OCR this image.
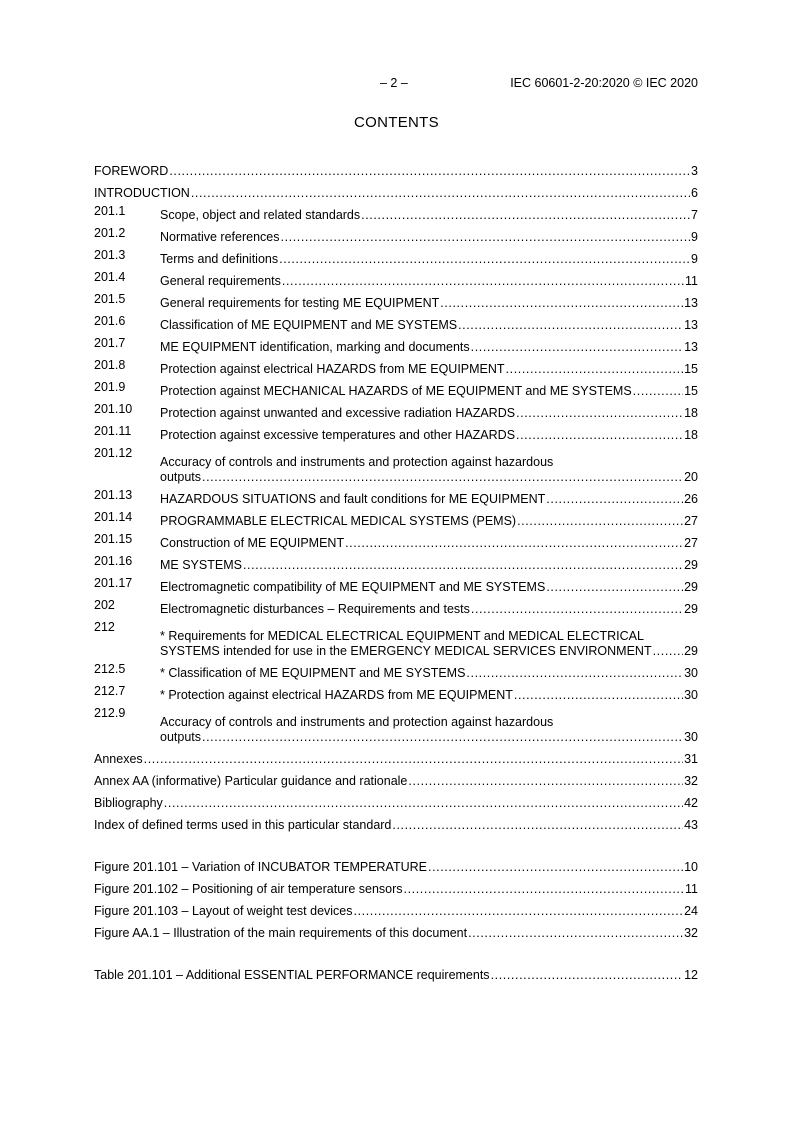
– 2 –	IEC 60601-2-20:2020 © IEC 2020
CONTENTS
FOREWORD .....	3
INTRODUCTION .....	6
201.1	Scope, object and related standards .....	7
201.2	Normative references .....	9
201.3	Terms and definitions .....	9
201.4	General requirements .....	11
201.5	General requirements for testing ME EQUIPMENT .....	13
201.6	Classification of ME EQUIPMENT and ME SYSTEMS .....	13
201.7	ME EQUIPMENT identification, marking and documents .....	13
201.8	Protection against electrical HAZARDS from ME EQUIPMENT .....	15
201.9	Protection against MECHANICAL HAZARDS of ME EQUIPMENT and ME SYSTEMS .....	15
201.10	Protection against unwanted and excessive radiation HAZARDS .....	18
201.11	Protection against excessive temperatures and other HAZARDS .....	18
201.12
Accuracy of controls and instruments and protection against hazardous
outputs .....	20
201.13	HAZARDOUS SITUATIONS and fault conditions for ME EQUIPMENT .....	26
201.14	PROGRAMMABLE ELECTRICAL MEDICAL SYSTEMS (PEMS) .....	27
201.15	Construction of ME EQUIPMENT .....	27
201.16	ME SYSTEMS .....	29
201.17	Electromagnetic compatibility of ME EQUIPMENT and ME SYSTEMS .....	29
202	Electromagnetic disturbances – Requirements and tests .....	29
212
* Requirements for MEDICAL ELECTRICAL EQUIPMENT and MEDICAL ELECTRICAL
SYSTEMS intended for use in the EMERGENCY MEDICAL SERVICES ENVIRONMENT .....	29
212.5	* Classification of ME EQUIPMENT and ME SYSTEMS .....	30
212.7	* Protection against electrical HAZARDS from ME EQUIPMENT .....	30
212.9
Accuracy of controls and instruments and protection against hazardous
outputs .....	30
Annexes .....	31
Annex AA (informative) Particular guidance and rationale .....	32
Bibliography .....	42
Index of defined terms used in this particular standard .....	43
Figure 201.101 – Variation of INCUBATOR TEMPERATURE .....	10
Figure 201.102 – Positioning of air temperature sensors .....	11
Figure 201.103 – Layout of weight test devices .....	24
Figure AA.1 – Illustration of the main requirements of this document .....	32
Table 201.101 – Additional ESSENTIAL PERFORMANCE requirements .....	12
